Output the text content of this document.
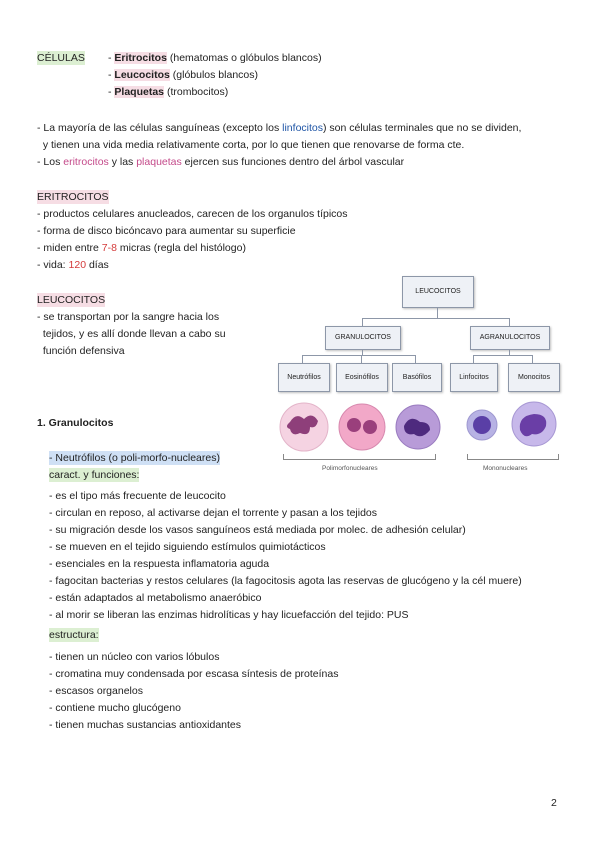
CÉLULAS - Eritrocitos (hematomas o glóbulos blancos)
- Leucocitos (glóbulos blancos)
- Plaquetas (trombocitos)
- La mayoría de las células sanguíneas (excepto los linfocitos) son células terminales que no se dividen,
y tienen una vida media relativamente corta, por lo que tienen que renovarse de forma cte.
- Los eritrocitos y las plaquetas ejercen sus funciones dentro del árbol vascular
ERITROCITOS
- productos celulares anucleados, carecen de los organulos típicos
- forma de disco bicóncavo para aumentar su superficie
- miden entre 7-8 micras (regla del histólogo)
- vida: 120 días
LEUCOCITOS
- se transportan por la sangre hacia los
tejidos, y es allí donde llevan a cabo su
función defensiva
LEUCOCITOS
GRANULOCITOS	AGRANULOCITOS
Neutrófilos	Eosinófilos	Basófilos	Linfocitos	Monocitos
Polimorfonucleares	Mononucleares
1. Granulocitos
- Neutrófilos (o poli-morfo-nucleares)
caract. y funciones:
- es el tipo más frecuente de leucocito
- circulan en reposo, al activarse dejan el torrente y pasan a los tejidos
- su migración desde los vasos sanguíneos está mediada por molec. de adhesión celular)
- se mueven en el tejido siguiendo estímulos quimiotácticos
- esenciales en la respuesta inflamatoria aguda
- fagocitan bacterias y restos celulares (la fagocitosis agota las reservas de glucógeno y la cél muere)
- están adaptados al metabolismo anaeróbico
- al morir se liberan las enzimas hidrolíticas y hay licuefacción del tejido: PUS
estructura:
- tienen un núcleo con varios lóbulos
- cromatina muy condensada por escasa síntesis de proteínas
- escasos organelos
- contiene mucho glucógeno
- tienen muchas sustancias antioxidantes
2
